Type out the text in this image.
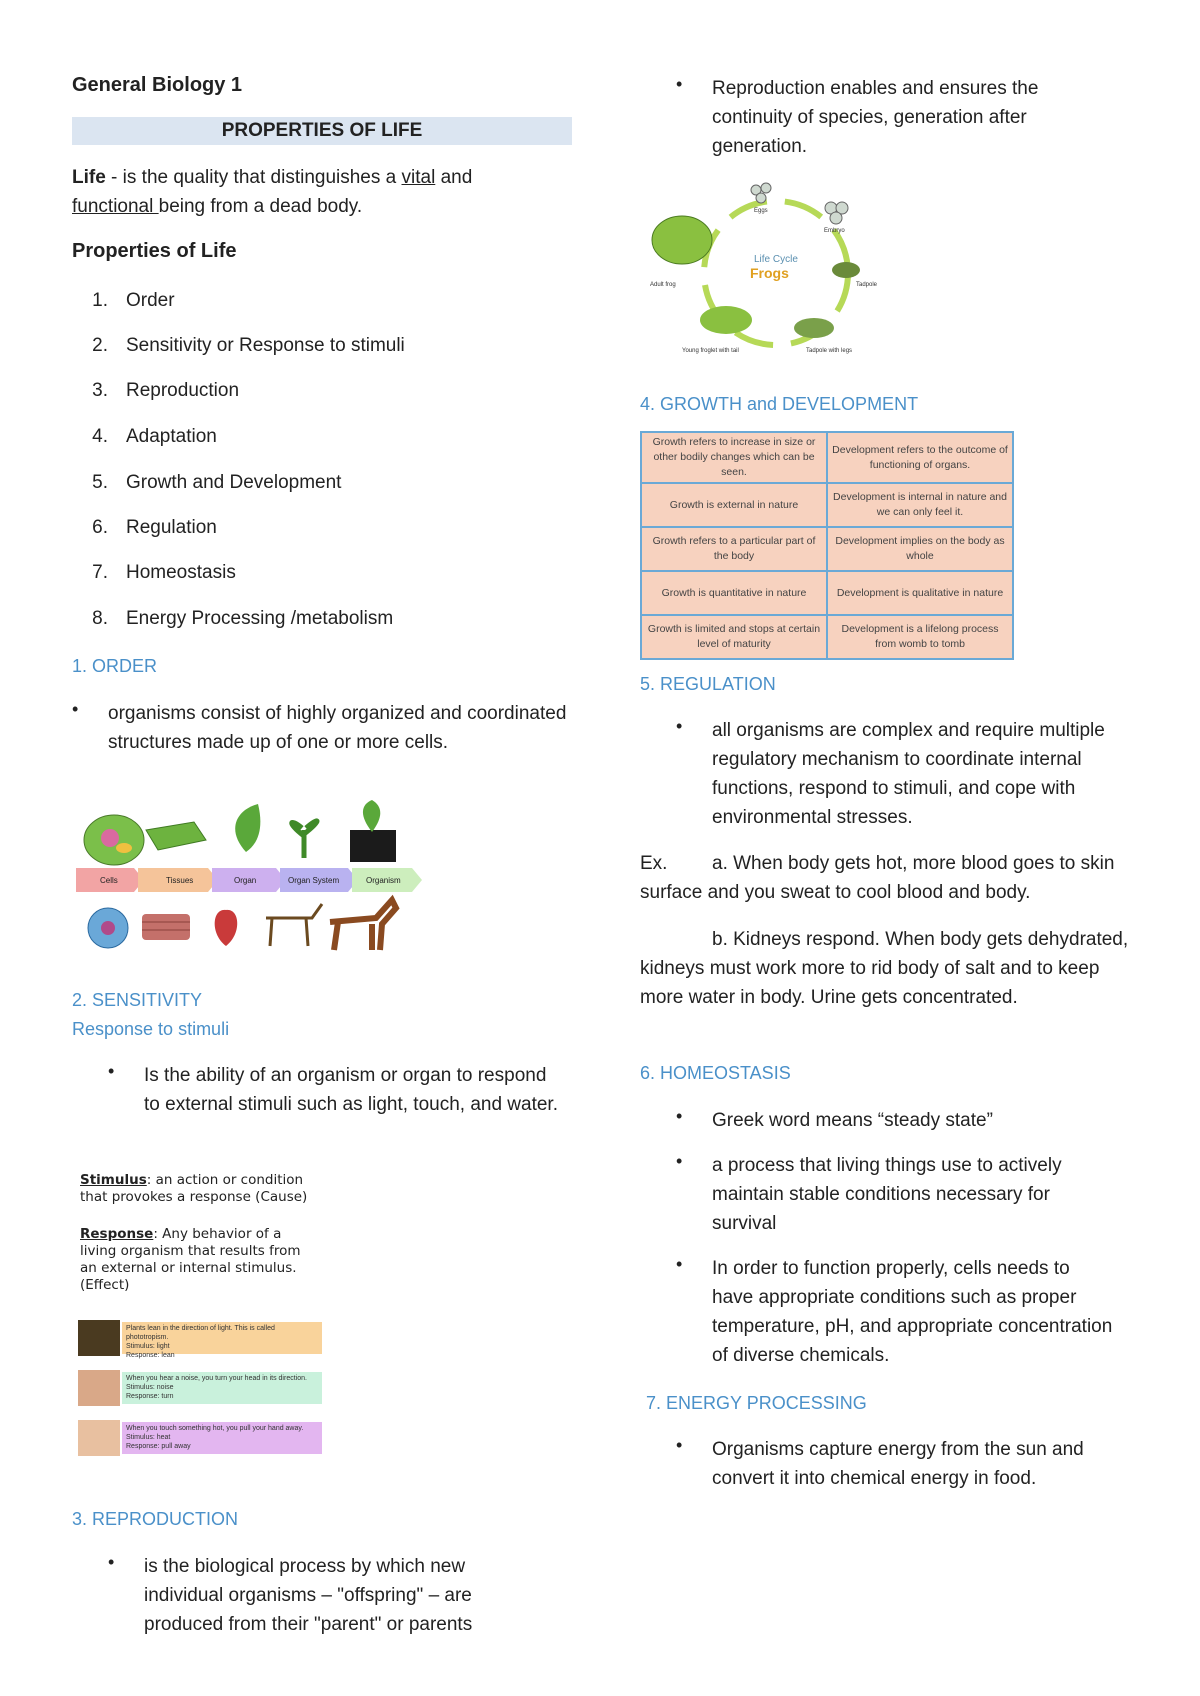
General Biology 1
PROPERTIES OF LIFE
Life - is the quality that distinguishes a vital and
functional being from a dead body.
Properties of Life
1. Order
2. Sensitivity or Response to stimuli
3. Reproduction
4. Adaptation
5. Growth and Development
6. Regulation
7. Homeostasis
8. Energy Processing /metabolism
1. ORDER
• organisms consist of highly organized and coordinated structures made up of one or more cells.
Cells	Tissues	Organ	Organ System	Organism
2. SENSITIVITY
Response to stimuli
• Is the ability of an organism or organ to respond to external stimuli such as light, touch, and water.
Stimulus: an action or condition that provokes a response (Cause)
Response: Any behavior of a living organism that results from an external or internal stimulus. (Effect)
Plants lean in the direction of light. This is called phototropism.
Stimulus: light
Response: lean
When you hear a noise, you turn your head in its direction.
Stimulus: noise
Response: turn
When you touch something hot, you pull your hand away.
Stimulus: heat
Response: pull away
3. REPRODUCTION
• is the biological process by which new individual organisms – "offspring" – are produced from their "parent" or parents
• Reproduction enables and ensures the continuity of species, generation after generation.
Life Cycle
Frogs
Eggs
Embryo
Tadpole
Tadpole with legs
Young froglet with tail
Adult frog
4. GROWTH and DEVELOPMENT
Growth refers to increase in size or other bodily changes which can be seen.	Development refers to the outcome of functioning of organs.
Growth is external in nature	Development is internal in nature and we can only feel it.
Growth refers to a particular part of the body	Development implies on the body as whole
Growth is quantitative in nature	Development is qualitative in nature
Growth is limited and stops at certain level of maturity	Development is a lifelong process from womb to tomb
5. REGULATION
• all organisms are complex and require multiple regulatory mechanism to coordinate internal functions, respond to stimuli, and cope with environmental stresses.
Ex. a. When body gets hot, more blood goes to skin surface and you sweat to cool blood and body.
b. Kidneys respond. When body gets dehydrated, kidneys must work more to rid body of salt and to keep more water in body. Urine gets concentrated.
6. HOMEOSTASIS
• Greek word means “steady state”
• a process that living things use to actively maintain stable conditions necessary for survival
• In order to function properly, cells needs to have appropriate conditions such as proper temperature, pH, and appropriate concentration of diverse chemicals.
7. ENERGY PROCESSING
• Organisms capture energy from the sun and convert it into chemical energy in food.
